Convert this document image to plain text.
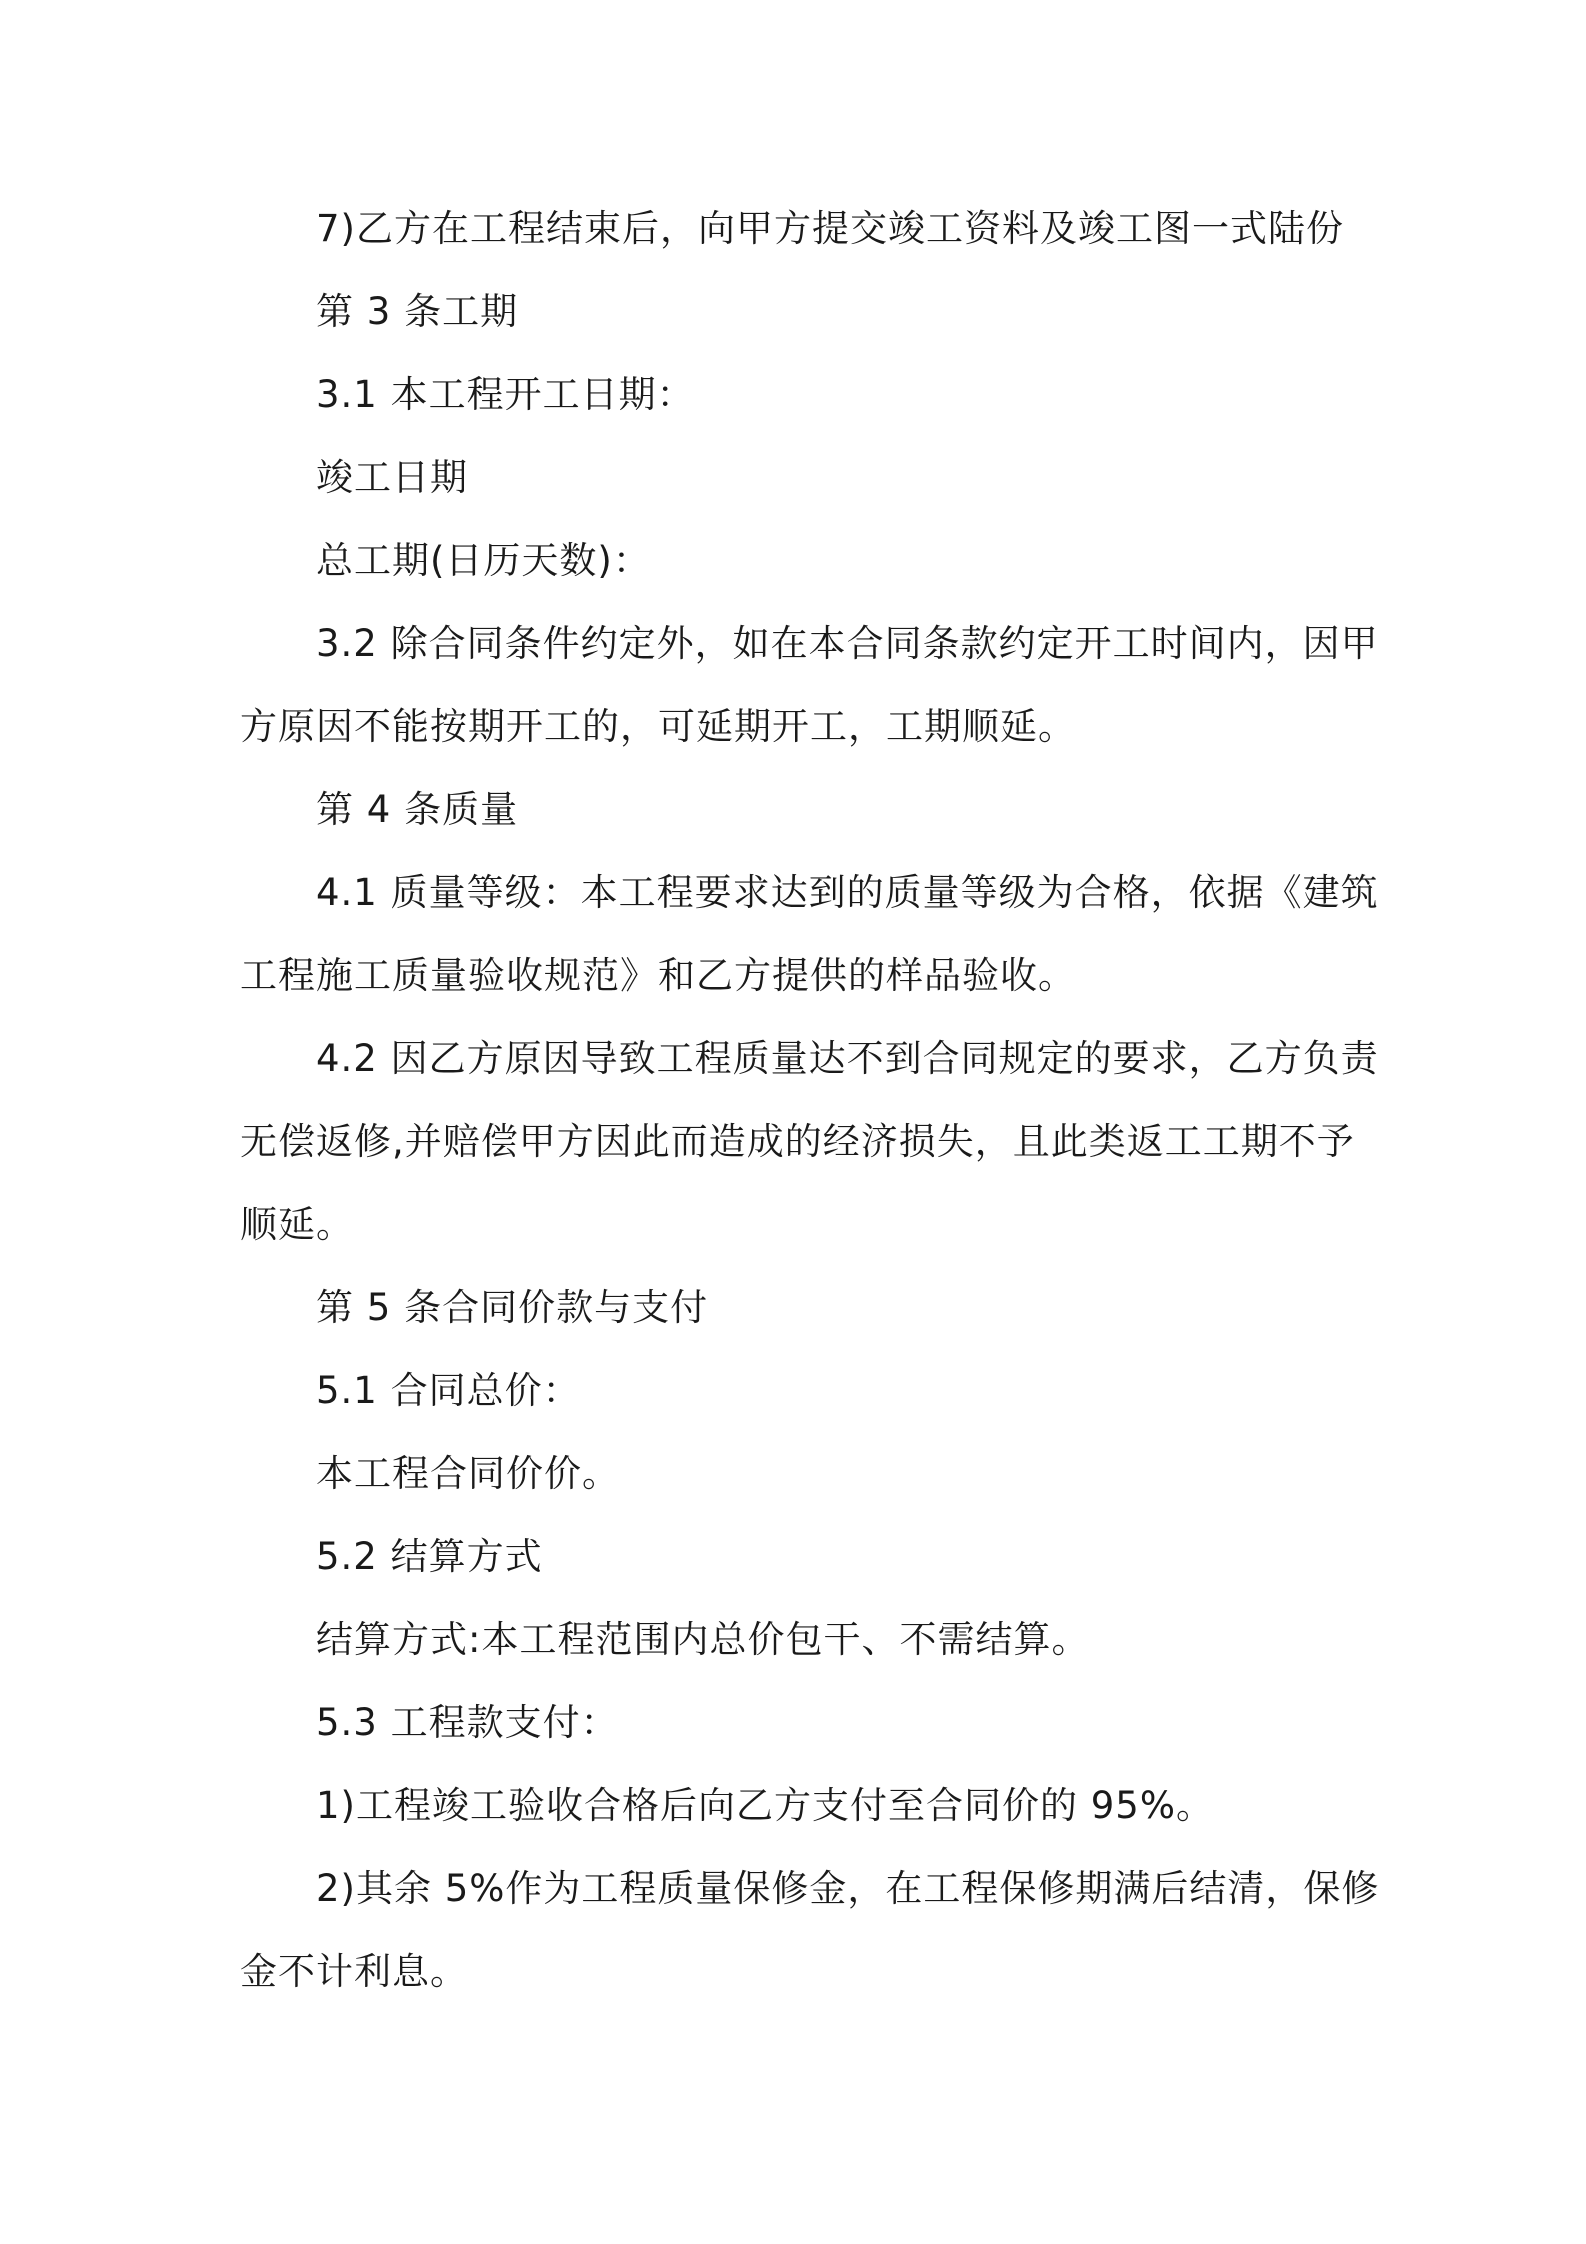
7)乙方在工程结束后，向甲方提交竣工资料及竣工图一式陆份
第 3 条工期
3.1 本工程开工日期：
竣工日期
总工期(日历天数)：
3.2 除合同条件约定外，如在本合同条款约定开工时间内，因甲
方原因不能按期开工的，可延期开工，工期顺延。
第 4 条质量
4.1 质量等级：本工程要求达到的质量等级为合格，依据《建筑
工程施工质量验收规范》和乙方提供的样品验收。
4.2 因乙方原因导致工程质量达不到合同规定的要求，乙方负责
无偿返修,并赔偿甲方因此而造成的经济损失，且此类返工工期不予
顺延。
第 5 条合同价款与支付
5.1 合同总价：
本工程合同价价。
5.2 结算方式
结算方式:本工程范围内总价包干、不需结算。
5.3 工程款支付：
1)工程竣工验收合格后向乙方支付至合同价的 95%。
2)其余 5%作为工程质量保修金，在工程保修期满后结清，保修
金不计利息。
